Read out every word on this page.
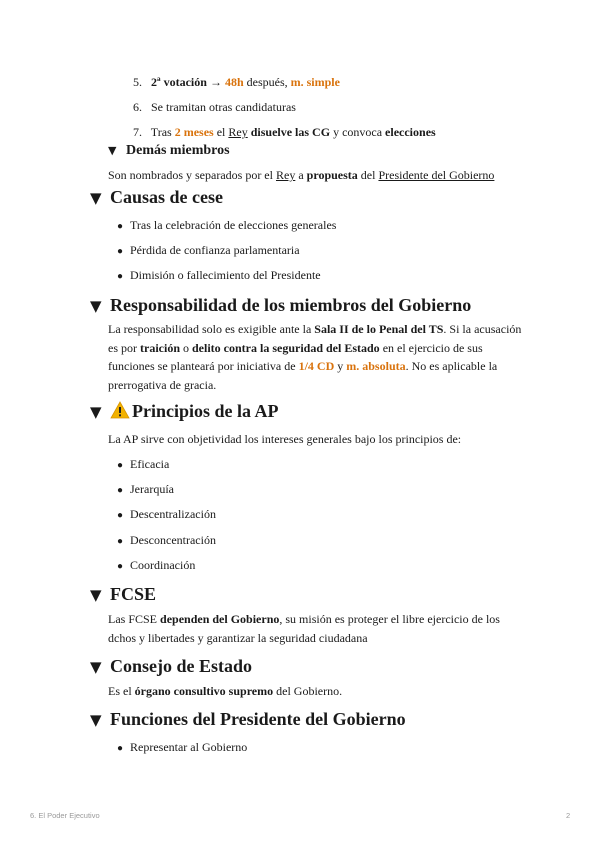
5. 2ª votación → 48h después, m. simple
6. Se tramitan otras candidaturas
7. Tras 2 meses el Rey disuelve las CG y convoca elecciones
▼ Demás miembros
Son nombrados y separados por el Rey a propuesta del Presidente del Gobierno
▼ Causas de cese
● Tras la celebración de elecciones generales
● Pérdida de confianza parlamentaria
● Dimisión o fallecimiento del Presidente
▼ Responsabilidad de los miembros del Gobierno
La responsabilidad solo es exigible ante la Sala II de lo Penal del TS. Si la acusación
es por traición o delito contra la seguridad del Estado en el ejercicio de sus
funciones se planteará por iniciativa de 1/4 CD y m. absoluta. No es aplicable la
prerrogativa de gracia.
▼ Principios de la AP
La AP sirve con objetividad los intereses generales bajo los principios de:
● Eficacia
● Jerarquía
● Descentralización
● Desconcentración
● Coordinación
▼ FCSE
Las FCSE dependen del Gobierno, su misión es proteger el libre ejercicio de los
dchos y libertades y garantizar la seguridad ciudadana
▼ Consejo de Estado
Es el órgano consultivo supremo del Gobierno.
▼ Funciones del Presidente del Gobierno
● Representar al Gobierno
6. El Poder Ejecutivo	2
